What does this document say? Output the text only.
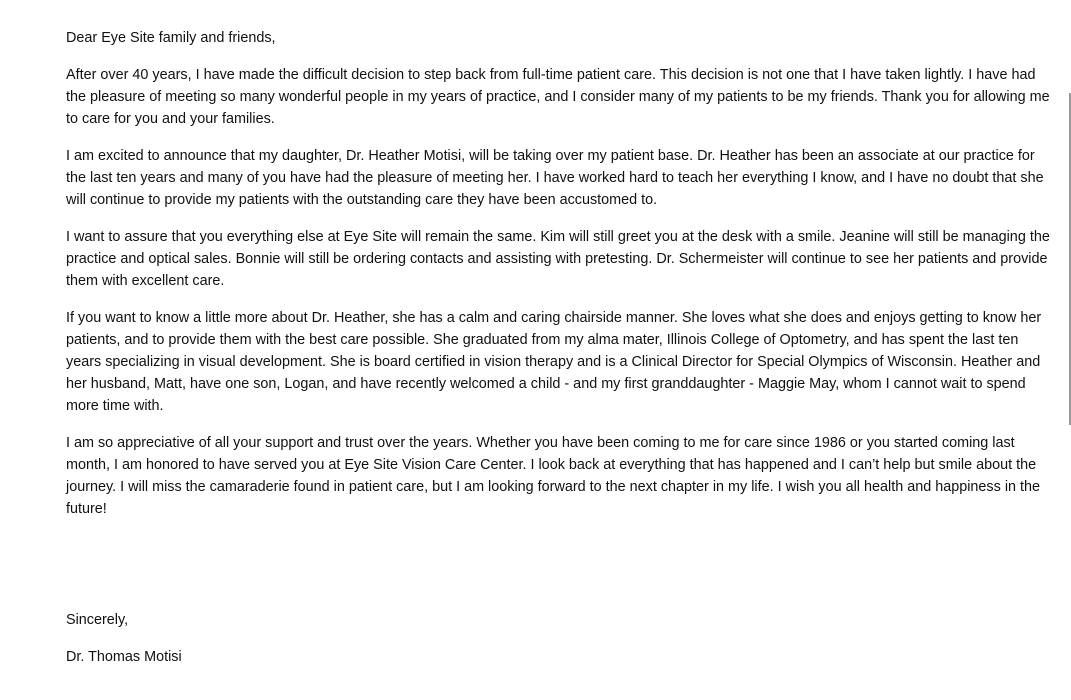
Dear Eye Site family and friends,

After over 40 years, I have made the difficult decision to step back from full-time patient care. This decision is not one that I have taken lightly. I have had the pleasure of meeting so many wonderful people in my years of practice, and I consider many of my patients to be my friends. Thank you for allowing me to care for you and your families.

I am excited to announce that my daughter, Dr. Heather Motisi, will be taking over my patient base. Dr. Heather has been an associate at our practice for the last ten years and many of you have had the pleasure of meeting her. I have worked hard to teach her everything I know, and I have no doubt that she will continue to provide my patients with the outstanding care they have been accustomed to.

I want to assure that you everything else at Eye Site will remain the same. Kim will still greet you at the desk with a smile. Jeanine will still be managing the practice and optical sales. Bonnie will still be ordering contacts and assisting with pretesting. Dr. Schermeister will continue to see her patients and provide them with excellent care.

If you want to know a little more about Dr. Heather, she has a calm and caring chairside manner. She loves what she does and enjoys getting to know her patients, and to provide them with the best care possible. She graduated from my alma mater, Illinois College of Optometry, and has spent the last ten years specializing in visual development. She is board certified in vision therapy and is a Clinical Director for Special Olympics of Wisconsin. Heather and her husband, Matt, have one son, Logan, and have recently welcomed a child - and my first granddaughter - Maggie May, whom I cannot wait to spend more time with.

I am so appreciative of all your support and trust over the years. Whether you have been coming to me for care since 1986 or you started coming last month, I am honored to have served you at Eye Site Vision Care Center. I look back at everything that has happened and I can’t help but smile about the journey. I will miss the camaraderie found in patient care, but I am looking forward to the next chapter in my life. I wish you all health and happiness in the future!

Sincerely,

Dr. Thomas Motisi
